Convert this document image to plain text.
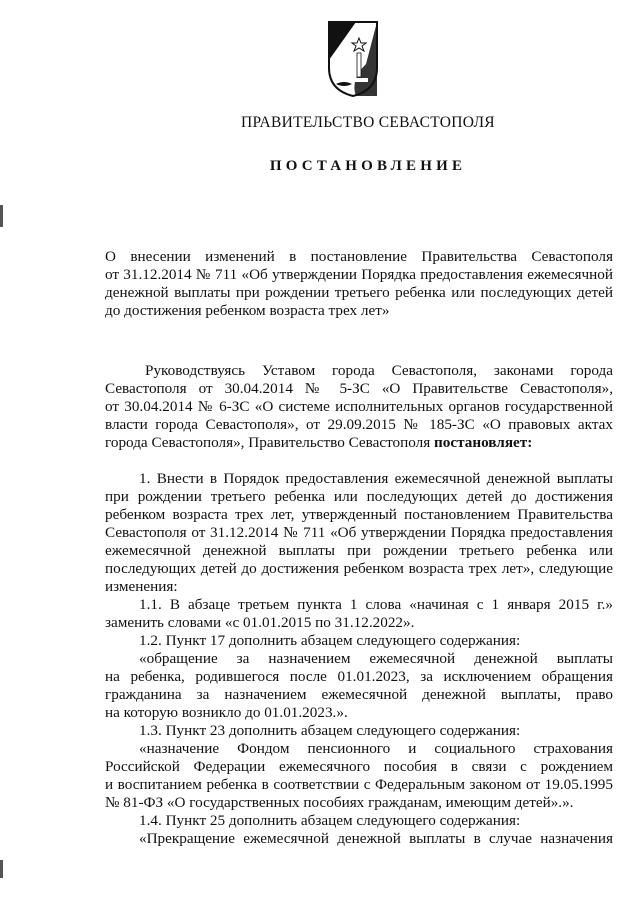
ПРАВИТЕЛЬСТВО СЕВАСТОПОЛЯ
ПОСТАНОВЛЕНИЕ
О внесении изменений в постановление Правительства Севастополя
от 31.12.2014 № 711 «Об утверждении Порядка предоставления ежемесячной
денежной выплаты при рождении третьего ребенка или последующих детей
до достижения ребенком возраста трех лет»
Руководствуясь Уставом города Севастополя, законами города
Севастополя от 30.04.2014 № 5-ЗС «О Правительстве Севастополя»,
от 30.04.2014 № 6-ЗС «О системе исполнительных органов государственной
власти города Севастополя», от 29.09.2015 № 185-ЗС «О правовых актах
города Севастополя», Правительство Севастополя постановляет:
1. Внести в Порядок предоставления ежемесячной денежной выплаты
при рождении третьего ребенка или последующих детей до достижения
ребенком возраста трех лет, утвержденный постановлением Правительства
Севастополя от 31.12.2014 № 711 «Об утверждении Порядка предоставления
ежемесячной денежной выплаты при рождении третьего ребенка или
последующих детей до достижения ребенком возраста трех лет», следующие
изменения:
1.1. В абзаце третьем пункта 1 слова «начиная с 1 января 2015 г.»
заменить словами «с 01.01.2015 по 31.12.2022».
1.2. Пункт 17 дополнить абзацем следующего содержания:
«обращение за назначением ежемесячной денежной выплаты
на ребенка, родившегося после 01.01.2023, за исключением обращения
гражданина за назначением ежемесячной денежной выплаты, право
на которую возникло до 01.01.2023.».
1.3. Пункт 23 дополнить абзацем следующего содержания:
«назначение Фондом пенсионного и социального страхования
Российской Федерации ежемесячного пособия в связи с рождением
и воспитанием ребенка в соответствии с Федеральным законом от 19.05.1995
№ 81-ФЗ «О государственных пособиях гражданам, имеющим детей».».
1.4. Пункт 25 дополнить абзацем следующего содержания:
«Прекращение ежемесячной денежной выплаты в случае назначения
